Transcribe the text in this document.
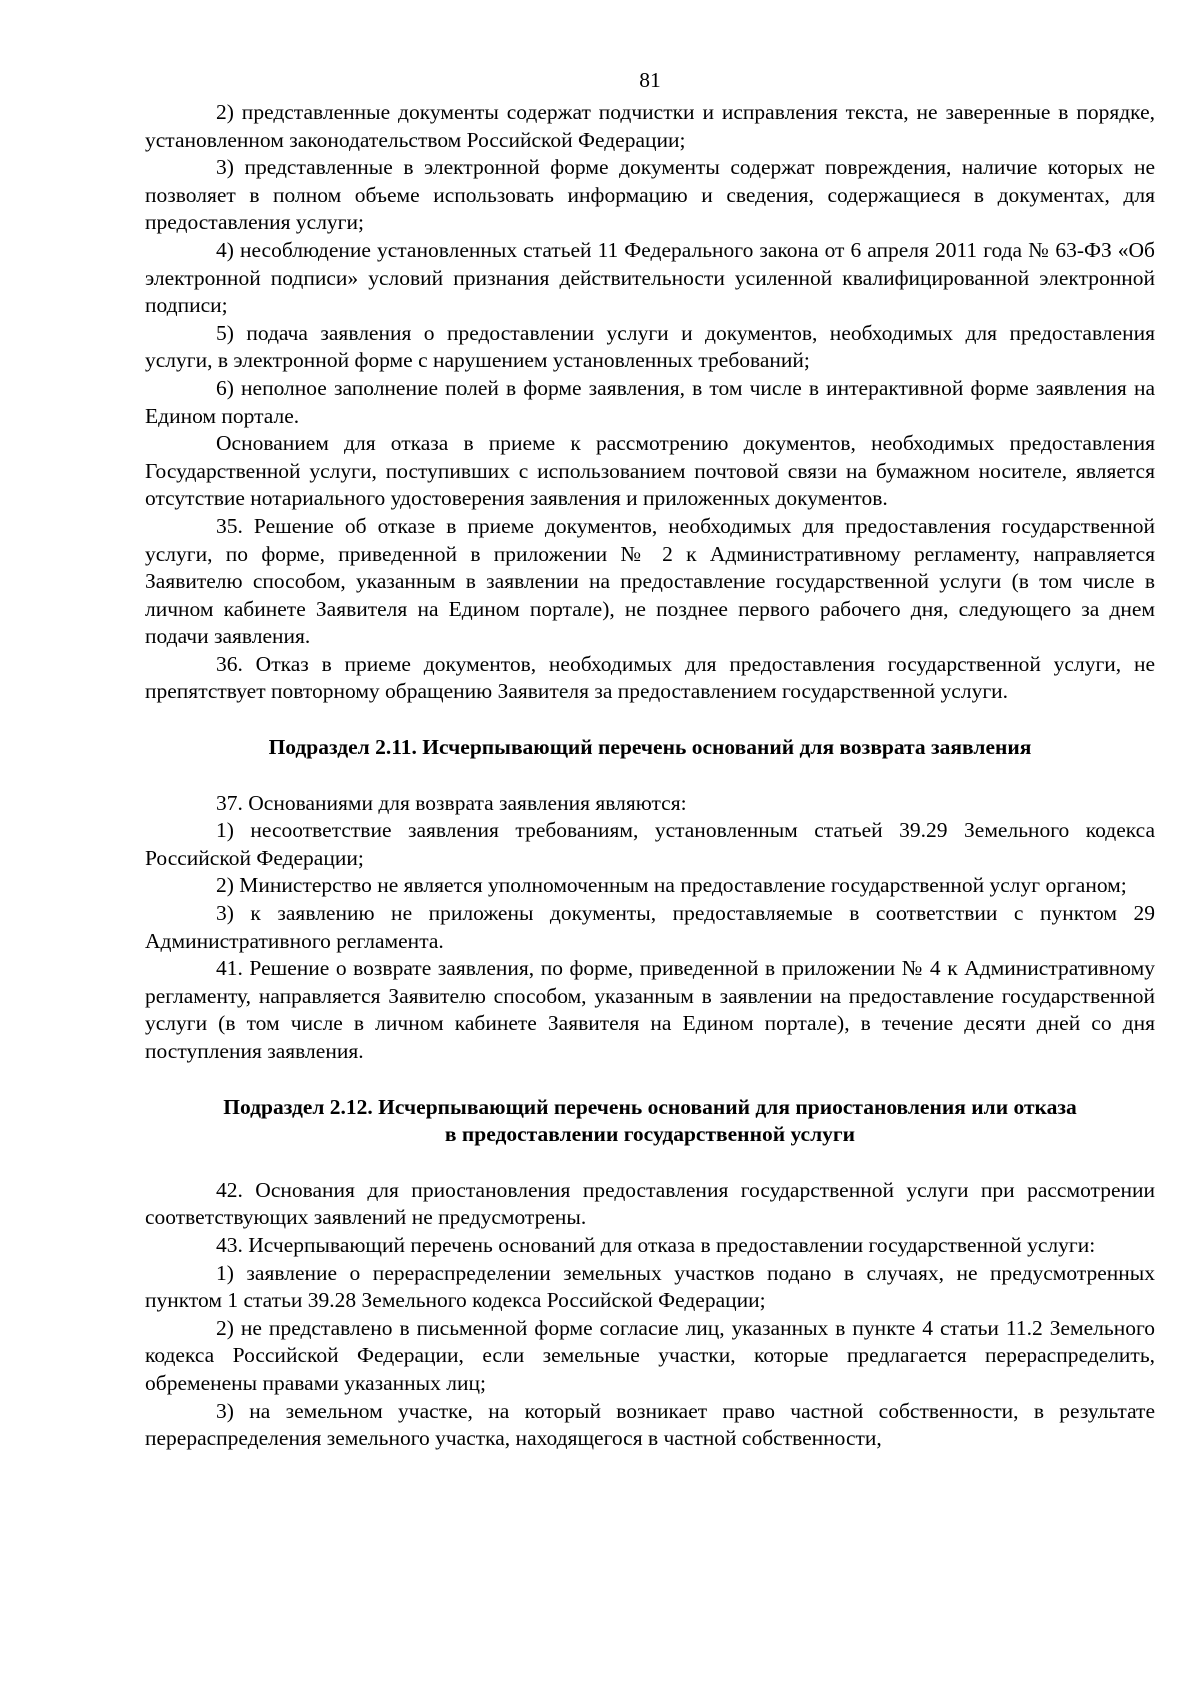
81

2) представленные документы содержат подчистки и исправления текста, не заверенные в порядке, установленном законодательством Российской Федерации;

3) представленные в электронной форме документы содержат повреждения, наличие которых не позволяет в полном объеме использовать информацию и сведения, содержащиеся в документах, для предоставления услуги;

4) несоблюдение установленных статьей 11 Федерального закона от 6 апреля 2011 года № 63-ФЗ «Об электронной подписи» условий признания действительности усиленной квалифицированной электронной подписи;

5) подача заявления о предоставлении услуги и документов, необходимых для предоставления услуги, в электронной форме с нарушением установленных требований;

6) неполное заполнение полей в форме заявления, в том числе в интерактивной форме заявления на Едином портале.

Основанием для отказа в приеме к рассмотрению документов, необходимых предоставления Государственной услуги, поступивших с использованием почтовой связи на бумажном носителе, является отсутствие нотариального удостоверения заявления и приложенных документов.

35. Решение об отказе в приеме документов, необходимых для предоставления государственной услуги, по форме, приведенной в приложении № 2 к Административному регламенту, направляется Заявителю способом, указанным в заявлении на предоставление государственной услуги (в том числе в личном кабинете Заявителя на Едином портале), не позднее первого рабочего дня, следующего за днем подачи заявления.

36. Отказ в приеме документов, необходимых для предоставления государственной услуги, не препятствует повторному обращению Заявителя за предоставлением государственной услуги.

Подраздел 2.11. Исчерпывающий перечень оснований для возврата заявления

37. Основаниями для возврата заявления являются:

1) несоответствие заявления требованиям, установленным статьей 39.29 Земельного кодекса Российской Федерации;

2) Министерство не является уполномоченным на предоставление государственной услуг органом;

3) к заявлению не приложены документы, предоставляемые в соответствии с пунктом 29 Административного регламента.

41. Решение о возврате заявления, по форме, приведенной в приложении № 4 к Административному регламенту, направляется Заявителю способом, указанным в заявлении на предоставление государственной услуги (в том числе в личном кабинете Заявителя на Едином портале), в течение десяти дней со дня поступления заявления.

Подраздел 2.12. Исчерпывающий перечень оснований для приостановления или отказа
в предоставлении государственной услуги

42. Основания для приостановления предоставления государственной услуги при рассмотрении соответствующих заявлений не предусмотрены.

43. Исчерпывающий перечень оснований для отказа в предоставлении государственной услуги:

1) заявление о перераспределении земельных участков подано в случаях, не предусмотренных пунктом 1 статьи 39.28 Земельного кодекса Российской Федерации;

2) не представлено в письменной форме согласие лиц, указанных в пункте 4 статьи 11.2 Земельного кодекса Российской Федерации, если земельные участки, которые предлагается перераспределить, обременены правами указанных лиц;

3) на земельном участке, на который возникает право частной собственности, в результате перераспределения земельного участка, находящегося в частной собственности,
